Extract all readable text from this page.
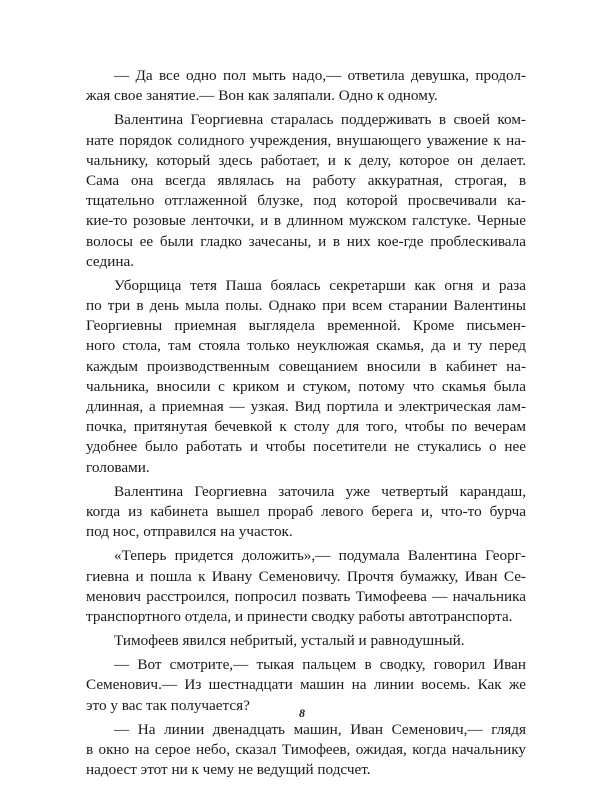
— Да все одно пол мыть надо,— ответила девушка, продол-
жая свое занятие.— Вон как заляпали. Одно к одному.
Валентина Георгиевна старалась поддерживать в своей ком-
нате порядок солидного учреждения, внушающего уважение к на-
чальнику, который здесь работает, и к делу, которое он делает.
Сама она всегда являлась на работу аккуратная, строгая, в
тщательно отглаженной блузке, под которой просвечивали ка-
кие-то розовые ленточки, и в длинном мужском галстуке. Черные
волосы ее были гладко зачесаны, и в них кое-где проблескивала
седина.
Уборщица тетя Паша боялась секретарши как огня и раза
по три в день мыла полы. Однако при всем старании Валентины
Георгиевны приемная выглядела временной. Кроме письмен-
ного стола, там стояла только неуклюжая скамья, да и ту перед
каждым производственным совещанием вносили в кабинет на-
чальника, вносили с криком и стуком, потому что скамья была
длинная, а приемная — узкая. Вид портила и электрическая лам-
почка, притянутая бечевкой к столу для того, чтобы по вечерам
удобнее было работать и чтобы посетители не стукались о нее
головами.
Валентина Георгиевна заточила уже четвертый карандаш,
когда из кабинета вышел прораб левого берега и, что-то бурча
под нос, отправился на участок.
«Теперь придется доложить»,— подумала Валентина Георг-
гиевна и пошла к Ивану Семеновичу. Прочтя бумажку, Иван Се-
менович расстроился, попросил позвать Тимофеева — начальника
транспортного отдела, и принести сводку работы автотранспорта.
Тимофеев явился небритый, усталый и равнодушный.
— Вот смотрите,— тыкая пальцем в сводку, говорил Иван
Семенович.— Из шестнадцати машин на линии восемь. Как же
это у вас так получается?
— На линии двенадцать машин, Иван Семенович,— глядя
в окно на серое небо, сказал Тимофеев, ожидая, когда начальнику
надоест этот ни к чему не ведущий подсчет.
8
